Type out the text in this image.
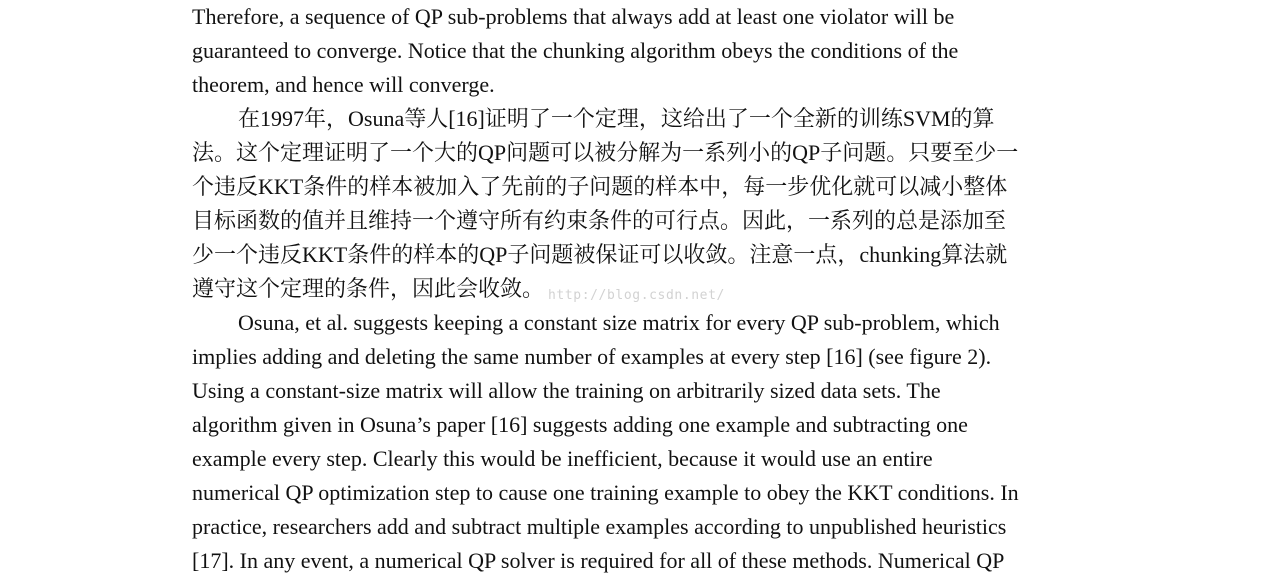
Therefore, a sequence of QP sub-problems that always add at least one violator will be
guaranteed to converge. Notice that the chunking algorithm obeys the conditions of the
theorem, and hence will converge.
在1997年，Osuna等人[16]证明了一个定理，这给出了一个全新的训练SVM的算
法。这个定理证明了一个大的QP问题可以被分解为一系列小的QP子问题。只要至少一
个违反KKT条件的样本被加入了先前的子问题的样本中，每一步优化就可以减小整体
目标函数的值并且维持一个遵守所有约束条件的可行点。因此，一系列的总是添加至
少一个违反KKT条件的样本的QP子问题被保证可以收敛。注意一点，chunking算法就
遵守这个定理的条件，因此会收敛。
Osuna, et al. suggests keeping a constant size matrix for every QP sub-problem, which
implies adding and deleting the same number of examples at every step [16] (see figure 2).
Using a constant-size matrix will allow the training on arbitrarily sized data sets. The
algorithm given in Osuna’s paper [16] suggests adding one example and subtracting one
example every step. Clearly this would be inefficient, because it would use an entire
numerical QP optimization step to cause one training example to obey the KKT conditions. In
practice, researchers add and subtract multiple examples according to unpublished heuristics
[17]. In any event, a numerical QP solver is required for all of these methods. Numerical QP
http://blog.csdn.net/
